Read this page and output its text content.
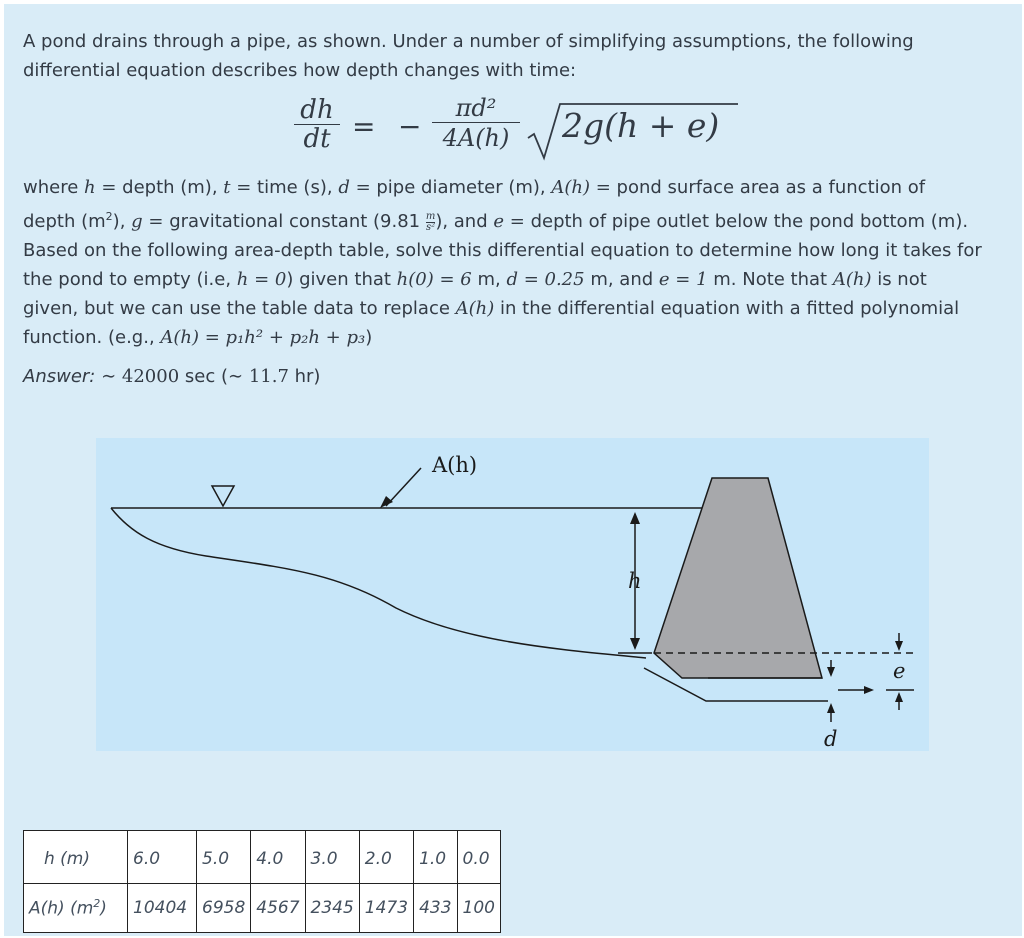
A pond drains through a pipe, as shown. Under a number of simplifying assumptions, the following

differential equation describes how depth changes with time:

$\frac{dh}{dt}$ = − $\frac{\text{πd²}}{4A(h)} 2g(h + e)$

where h = depth (m), t = time (s), d = pipe diameter (m), A(h) = pond surface area as a function of

depth $(m^2)$, g = gravitational constant ($9.81 \frac{m}{\text{s²}}$ ), and e = depth of pipe outlet below the pond bottom (m).

Based on the following area-depth table, solve this differential equation to determine how long it takes for

the pond to empty (i.e, h = 0) given that h(0) = 6 m, d = 0.25 m, and e = 1 m. Note that A(h) is not

given, but we can use the table data to replace A(h) in the differential equation with a fitted polynomial

function. (e.g., A(h) = p₁h² + p₂h + p₃)

Answer: ∼ 42000 sec (∼ 11.7 hr)

A(h)
h
e
d
h (m)	6.0	5.0	4.0	3.0	2.0	1.0	0.0
A(h) $(m^2)$	10404	6958	4567	2345	1473	433	100
